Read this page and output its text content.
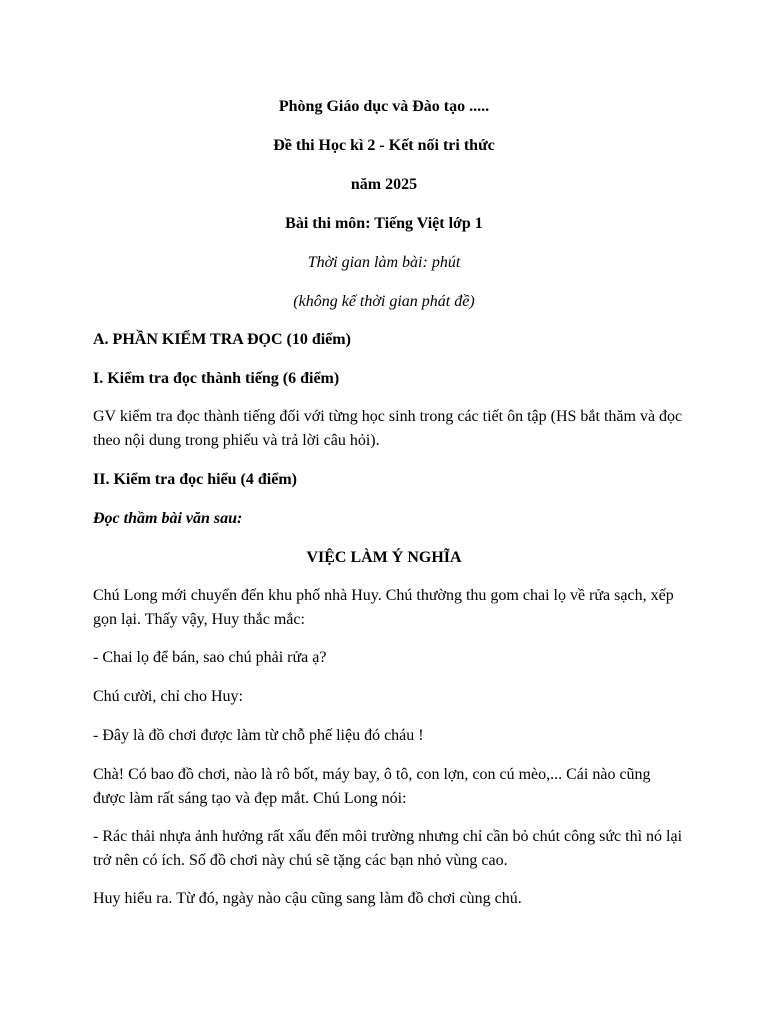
Phòng Giáo dục và Đào tạo .....
Đề thi Học kì 2 - Kết nối tri thức
năm 2025
Bài thi môn: Tiếng Việt lớp 1
Thời gian làm bài: phút
(không kể thời gian phát đề)
A. PHẦN KIỂM TRA ĐỌC (10 điểm)
I. Kiểm tra đọc thành tiếng (6 điểm)
GV kiểm tra đọc thành tiếng đối với từng học sinh trong các tiết ôn tập (HS bắt thăm và đọc theo nội dung trong phiếu và trả lời câu hỏi).
II. Kiểm tra đọc hiểu (4 điểm)
Đọc thầm bài văn sau:
VIỆC LÀM Ý NGHĨA
Chú Long mới chuyển đến khu phố nhà Huy. Chú thường thu gom chai lọ về rửa sạch, xếp gọn lại. Thấy vậy, Huy thắc mắc:
- Chai lọ để bán, sao chú phải rửa ạ?
Chú cười, chỉ cho Huy:
- Đây là đồ chơi được làm từ chỗ phế liệu đó cháu !
Chà! Có bao đồ chơi, nào là rô bốt, máy bay, ô tô, con lợn, con cú mèo,... Cái nào cũng được làm rất sáng tạo và đẹp mắt. Chú Long nói:
- Rác thải nhựa ảnh hưởng rất xấu đến môi trường nhưng chỉ cần bỏ chút công sức thì nó lại trở nên có ích. Số đồ chơi này chú sẽ tặng các bạn nhỏ vùng cao.
Huy hiểu ra. Từ đó, ngày nào cậu cũng sang làm đồ chơi cùng chú.
